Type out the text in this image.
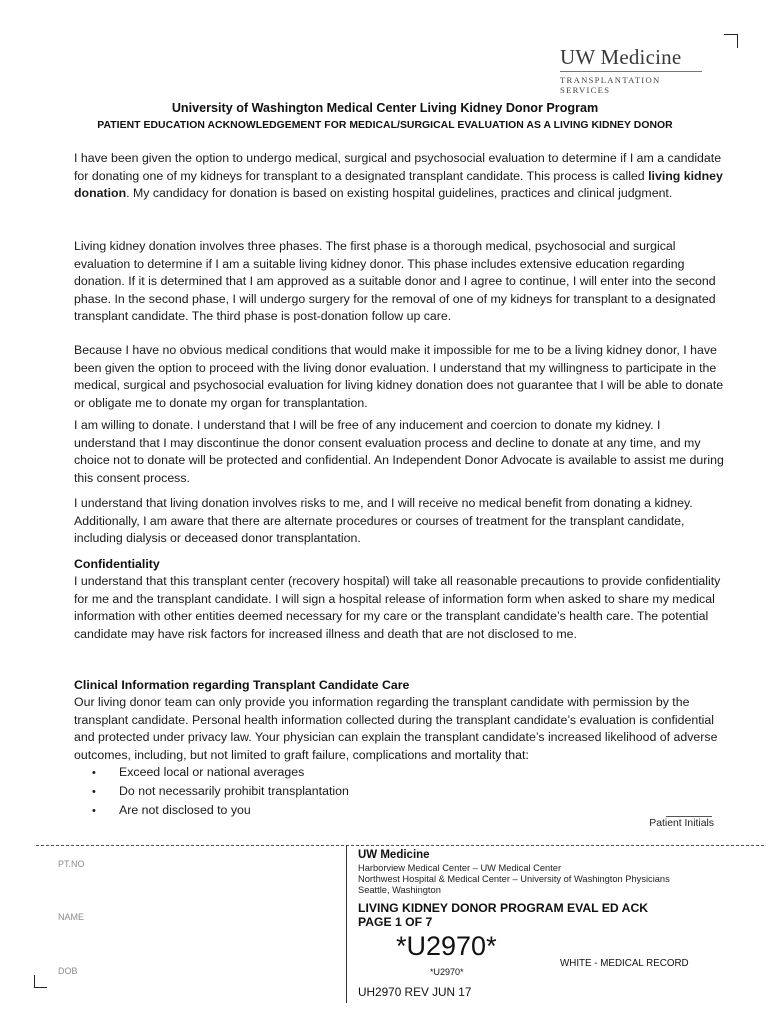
UW Medicine
TRANSPLANTATION SERVICES
University of Washington Medical Center Living Kidney Donor Program
PATIENT EDUCATION ACKNOWLEDGEMENT FOR MEDICAL/SURGICAL EVALUATION AS A LIVING KIDNEY DONOR
I have been given the option to undergo medical, surgical and psychosocial evaluation to determine if I am a candidate for donating one of my kidneys for transplant to a designated transplant candidate. This process is called living kidney donation. My candidacy for donation is based on existing hospital guidelines, practices and clinical judgment.
Living kidney donation involves three phases. The first phase is a thorough medical, psychosocial and surgical evaluation to determine if I am a suitable living kidney donor. This phase includes extensive education regarding donation. If it is determined that I am approved as a suitable donor and I agree to continue, I will enter into the second phase. In the second phase, I will undergo surgery for the removal of one of my kidneys for transplant to a designated transplant candidate. The third phase is post-donation follow up care.
Because I have no obvious medical conditions that would make it impossible for me to be a living kidney donor, I have been given the option to proceed with the living donor evaluation. I understand that my willingness to participate in the medical, surgical and psychosocial evaluation for living kidney donation does not guarantee that I will be able to donate or obligate me to donate my organ for transplantation.
I am willing to donate. I understand that I will be free of any inducement and coercion to donate my kidney. I understand that I may discontinue the donor consent evaluation process and decline to donate at any time, and my choice not to donate will be protected and confidential. An Independent Donor Advocate is available to assist me during this consent process.
I understand that living donation involves risks to me, and I will receive no medical benefit from donating a kidney. Additionally, I am aware that there are alternate procedures or courses of treatment for the transplant candidate, including dialysis or deceased donor transplantation.
Confidentiality
I understand that this transplant center (recovery hospital) will take all reasonable precautions to provide confidentiality for me and the transplant candidate. I will sign a hospital release of information form when asked to share my medical information with other entities deemed necessary for my care or the transplant candidate’s health care. The potential candidate may have risk factors for increased illness and death that are not disclosed to me.
Clinical Information regarding Transplant Candidate Care
Our living donor team can only provide you information regarding the transplant candidate with permission by the transplant candidate. Personal health information collected during the transplant candidate’s evaluation is confidential and protected under privacy law. Your physician can explain the transplant candidate’s increased likelihood of adverse outcomes, including, but not limited to graft failure, complications and mortality that:
• Exceed local or national averages
• Do not necessarily prohibit transplantation
• Are not disclosed to you
Patient Initials
PT.NO
NAME
DOB
UW Medicine
Harborview Medical Center – UW Medical Center
Northwest Hospital & Medical Center – University of Washington Physicians
Seattle, Washington
LIVING KIDNEY DONOR PROGRAM EVAL ED ACK
PAGE 1 OF 7
*U2970*
*U2970*
WHITE - MEDICAL RECORD
UH2970 REV JUN 17
